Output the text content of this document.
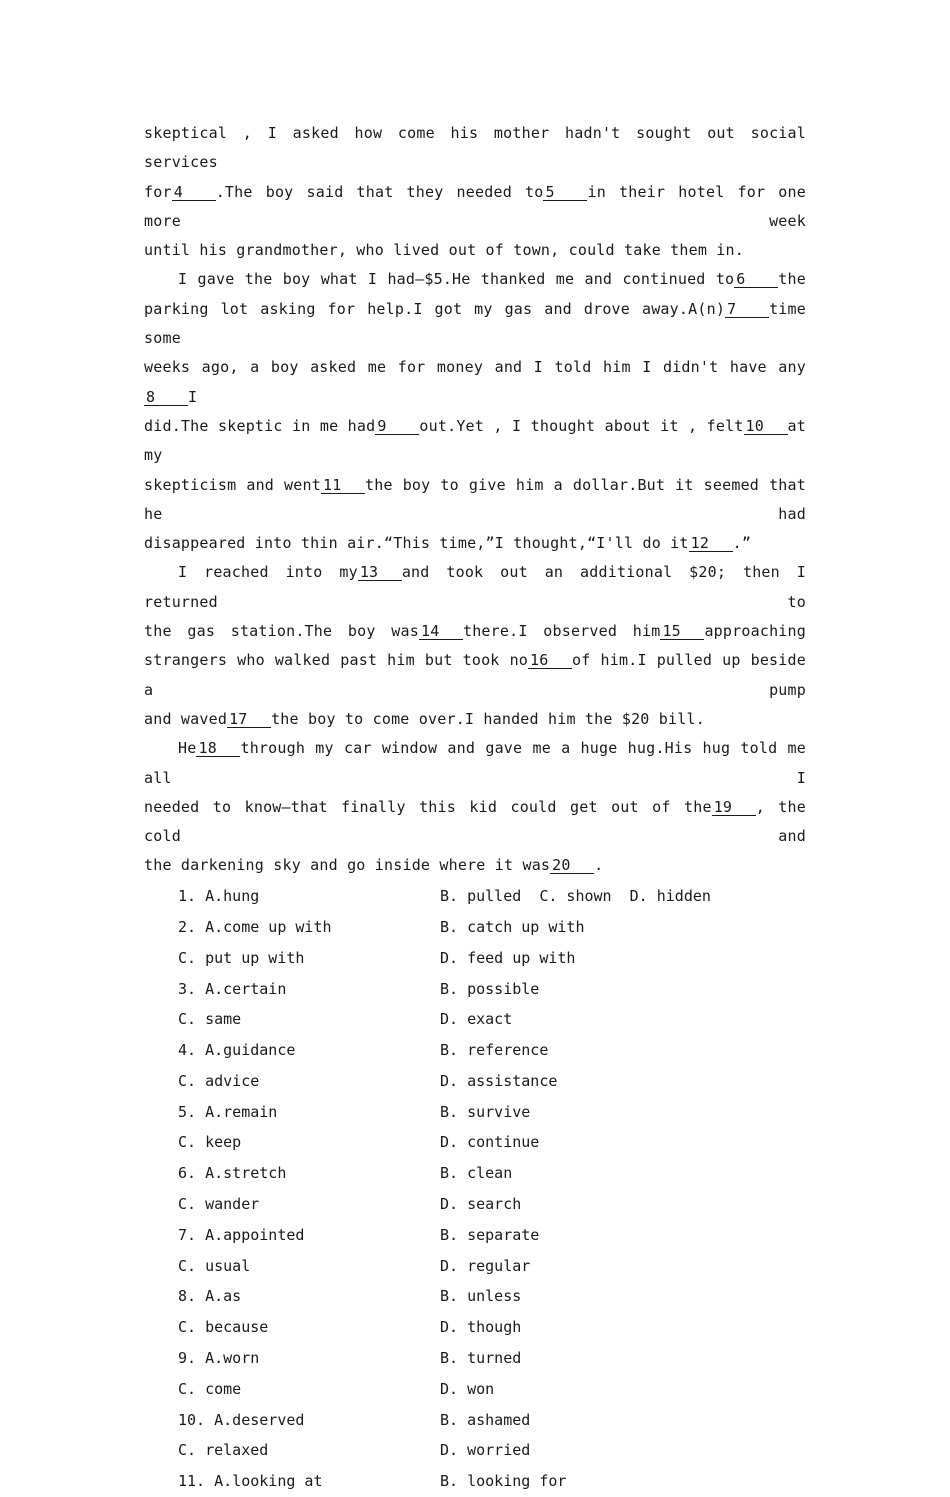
skeptical , I asked how come his mother hadn't sought out social services

for 4 .The boy said that they needed to 5 in their hotel for one more week

until his grandmother, who lived out of town, could take them in.

I gave the boy what I had—$5.He thanked me and continued to 6 the

parking lot asking for help.I got my gas and drove away.A(n) 7 time some

weeks ago, a boy asked me for money and I told him I didn't have any8 I

did.The skeptic in me had 9 out.Yet , I thought about it , felt 10 at my

skepticism and went 11 the boy to give him a dollar.But it seemed that he had

disappeared into thin air.“This time,”I thought,“I'll do it 12 .”

I reached into my 13 and took out an additional $20; then I returned to

the gas station.The boy was 14 there.I observed him 15 approaching

strangers who walked past him but took no 16 of him.I pulled up beside a pump

and waved 17 the boy to come over.I handed him the $20 bill.

He 18 through my car window and gave me a huge hug.His hug told me all I

needed to know—that finally this kid could get out of the 19 , the cold and

the darkening sky and go inside where it was 20 .

1. A.hung	B. pulled  C. shown  D. hidden
2. A.come up with	B. catch up with
C. put up with	D. feed up with
3. A.certain	B. possible
C. same	D. exact
4. A.guidance	B. reference
C. advice	D. assistance
5. A.remain	B. survive
C. keep	D. continue
6. A.stretch	B. clean
C. wander	D. search
7. A.appointed	B. separate
C. usual	D. regular
8. A.as	B. unless
C. because	D. though
9. A.worn	B. turned
C. come	D. won
10. A.deserved	B. ashamed
C. relaxed	D. worried
11. A.looking at	B. looking for
